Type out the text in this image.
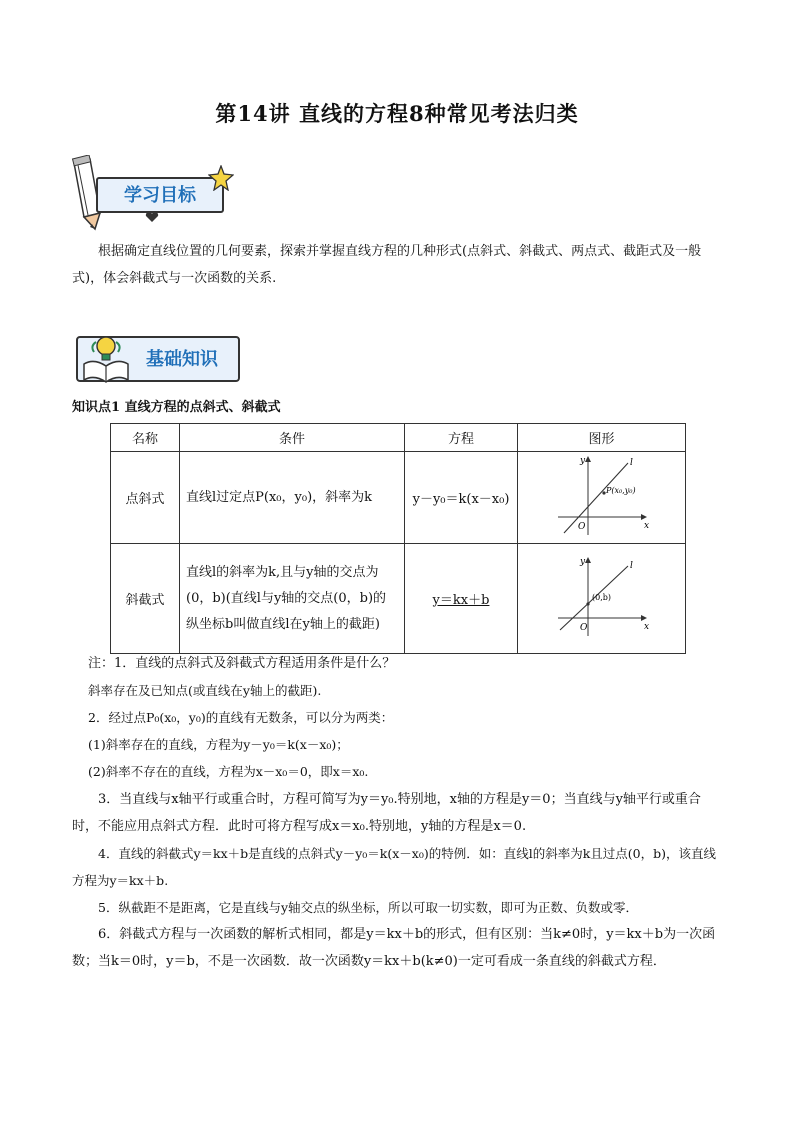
第14讲 直线的方程8种常见考法归类
学习目标
根据确定直线位置的几何要素，探索并掌握直线方程的几种形式(点斜式、斜截式、两点式、截距式及一般式)，体会斜截式与一次函数的关系.
基础知识
知识点1 直线方程的点斜式、斜截式
名称	条件	方程	图形
点斜式	直线l过定点P(x₀，y₀)，斜率为k	y－y₀＝k(x－x₀)	y
x
O
l
P(x₀,y₀)

斜截式	直线l的斜率为k,且与y轴的交点为(0，b)(直线l与y轴的交点(0，b)的纵坐标b叫做直线l在y轴上的截距)	y＝kx＋b	y
x
O
l
(0,b)
注：1．直线的点斜式及斜截式方程适用条件是什么？
斜率存在及已知点(或直线在y轴上的截距).
2．经过点P₀(x₀，y₀)的直线有无数条，可以分为两类：
(1)斜率存在的直线，方程为y－y₀＝k(x－x₀)；
(2)斜率不存在的直线，方程为x－x₀＝0，即x＝x₀.
3．当直线与x轴平行或重合时，方程可简写为y＝y₀.特别地，x轴的方程是y＝0；当直线与y轴平行或重合时，不能应用点斜式方程．此时可将方程写成x＝x₀.特别地，y轴的方程是x＝0.
4．直线的斜截式y＝kx＋b是直线的点斜式y－y₀＝k(x－x₀)的特例．如：直线l的斜率为k且过点(0，b)，该直线方程为y＝kx＋b.
5．纵截距不是距离，它是直线与y轴交点的纵坐标，所以可取一切实数，即可为正数、负数或零．
6．斜截式方程与一次函数的解析式相同，都是y＝kx＋b的形式，但有区别：当k≠0时，y＝kx＋b为一次函数；当k＝0时，y＝b，不是一次函数．故一次函数y＝kx＋b(k≠0)一定可看成一条直线的斜截式方程．
